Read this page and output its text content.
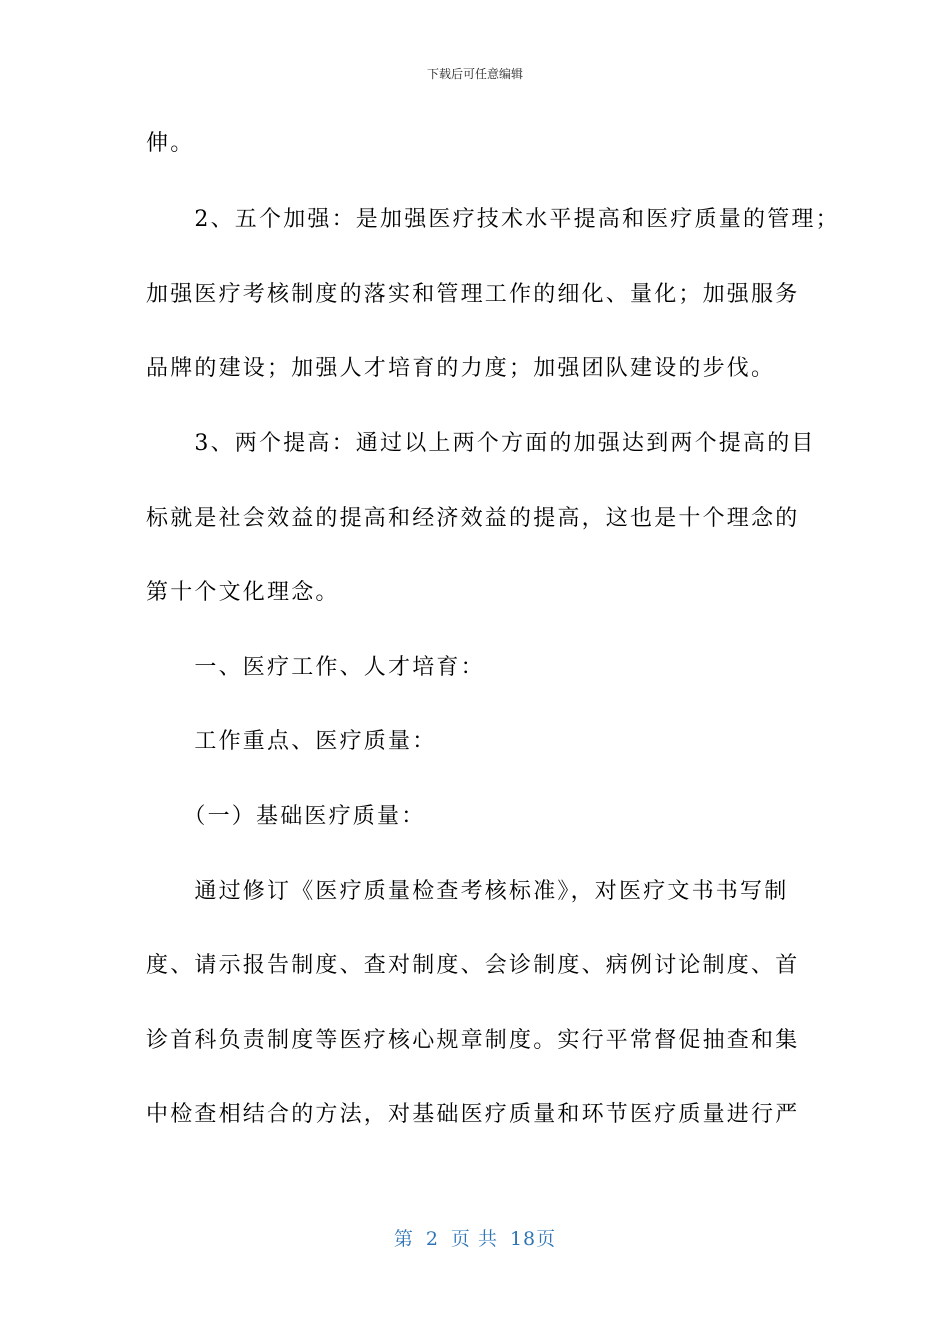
下载后可任意编辑
伸。
　　2、五个加强：是加强医疗技术水平提高和医疗质量的管理；
加强医疗考核制度的落实和管理工作的细化、量化；加强服务
品牌的建设；加强人才培育的力度；加强团队建设的步伐。
　　3、两个提高：通过以上两个方面的加强达到两个提高的目
标就是社会效益的提高和经济效益的提高，这也是十个理念的
第十个文化理念。
　　一、医疗工作、人才培育：
　　工作重点、医疗质量：
　　（一）基础医疗质量：
　　通过修订《医疗质量检查考核标准》，对医疗文书书写制
度、请示报告制度、查对制度、会诊制度、病例讨论制度、首
诊首科负责制度等医疗核心规章制度。实行平常督促抽查和集
中检查相结合的方法，对基础医疗质量和环节医疗质量进行严
第 2 页 共 18页
